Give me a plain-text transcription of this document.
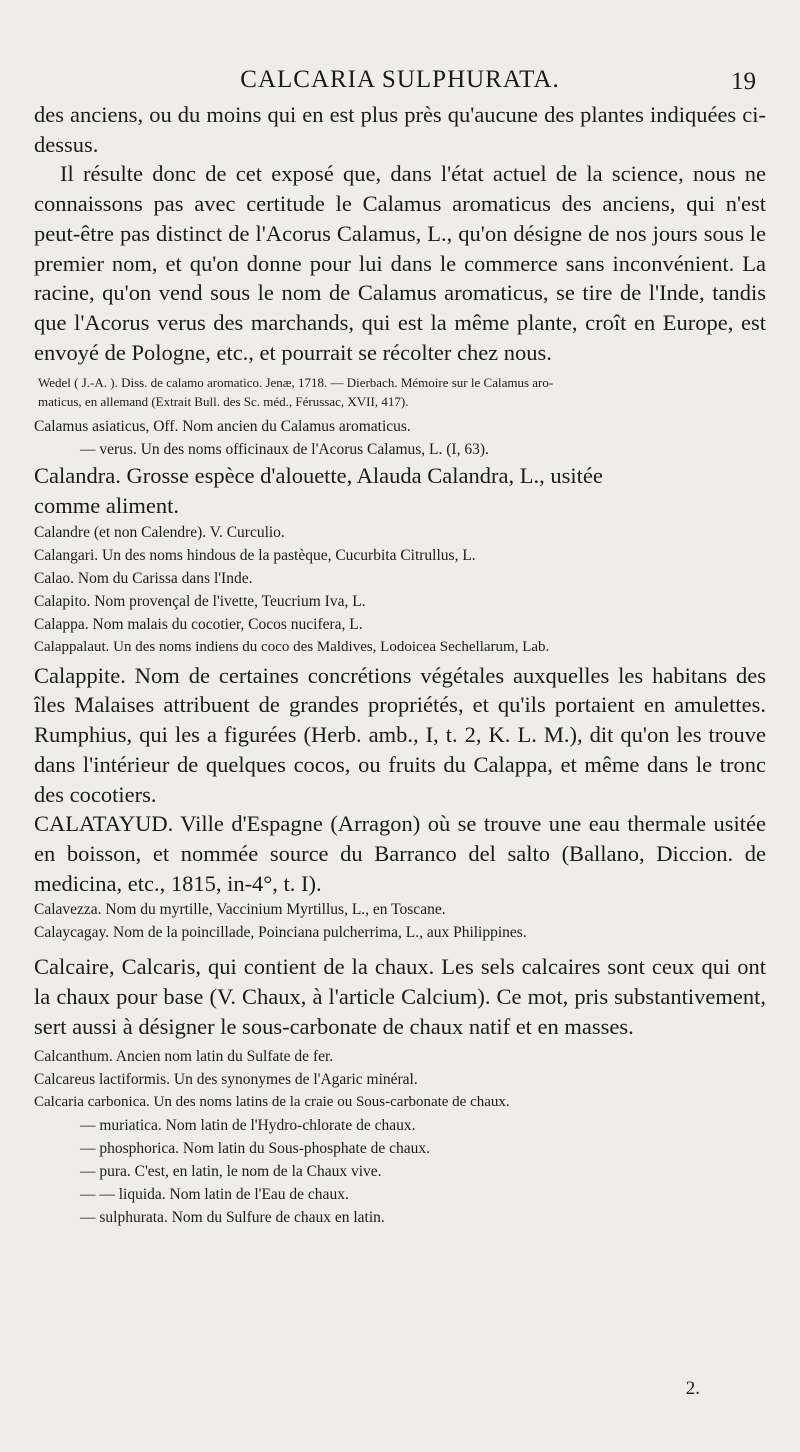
CALCARIA SULPHURATA.	19

des anciens, ou du moins qui en est plus près qu'aucune des plantes indiquées ci-dessus.

Il résulte donc de cet exposé que, dans l'état actuel de la science, nous ne connaissons pas avec certitude le Calamus aromaticus des anciens, qui n'est peut-être pas distinct de l'Acorus Calamus, L., qu'on désigne de nos jours sous le premier nom, et qu'on donne pour lui dans le commerce sans inconvénient. La racine, qu'on vend sous le nom de Calamus aromaticus, se tire de l'Inde, tandis que l'Acorus verus des marchands, qui est la même plante, croît en Europe, est envoyé de Pologne, etc., et pourrait se récolter chez nous.

Wedel ( J.-A. ). Diss. de calamo aromatico. Jenæ, 1718. — Dierbach. Mémoire sur le Calamus aro-
maticus, en allemand (Extrait Bull. des Sc. méd., Férussac, XVII, 417).

Calamus asiaticus, Off. Nom ancien du Calamus aromaticus.

— verus. Un des noms officinaux de l'Acorus Calamus, L. (I, 63).

Calandra. Grosse espèce d'alouette, Alauda Calandra, L., usitée

comme aliment.

Calandre (et non Calendre). V. Curculio.

Calangari. Un des noms hindous de la pastèque, Cucurbita Citrullus, L.

Calao. Nom du Carissa dans l'Inde.

Calapito. Nom provençal de l'ivette, Teucrium Iva, L.

Calappa. Nom malais du cocotier, Cocos nucifera, L.

Calappalaut. Un des noms indiens du coco des Maldives, Lodoicea Sechellarum, Lab.

Calappite. Nom de certaines concrétions végétales auxquelles les habitans des îles Malaises attribuent de grandes propriétés, et qu'ils portaient en amulettes. Rumphius, qui les a figurées (Herb. amb., I, t. 2, K. L. M.), dit qu'on les trouve dans l'intérieur de quelques cocos, ou fruits du Calappa, et même dans le tronc des cocotiers.

CALATAYUD. Ville d'Espagne (Arragon) où se trouve une eau thermale usitée en boisson, et nommée source du Barranco del salto (Ballano, Diccion. de medicina, etc., 1815, in-4°, t. I).

Calavezza. Nom du myrtille, Vaccinium Myrtillus, L., en Toscane.

Calaycagay. Nom de la poincillade, Poinciana pulcherrima, L., aux Philippines.

Calcaire, Calcaris, qui contient de la chaux. Les sels calcaires sont ceux qui ont la chaux pour base (V. Chaux, à l'article Calcium). Ce mot, pris substantivement, sert aussi à désigner le sous-carbonate de chaux natif et en masses.

Calcanthum. Ancien nom latin du Sulfate de fer.

Calcareus lactiformis. Un des synonymes de l'Agaric minéral.

Calcaria carbonica. Un des noms latins de la craie ou Sous-carbonate de chaux.

— muriatica. Nom latin de l'Hydro-chlorate de chaux.

— phosphorica. Nom latin du Sous-phosphate de chaux.

— pura. C'est, en latin, le nom de la Chaux vive.

— — liquida. Nom latin de l'Eau de chaux.

— sulphurata. Nom du Sulfure de chaux en latin.

2.
